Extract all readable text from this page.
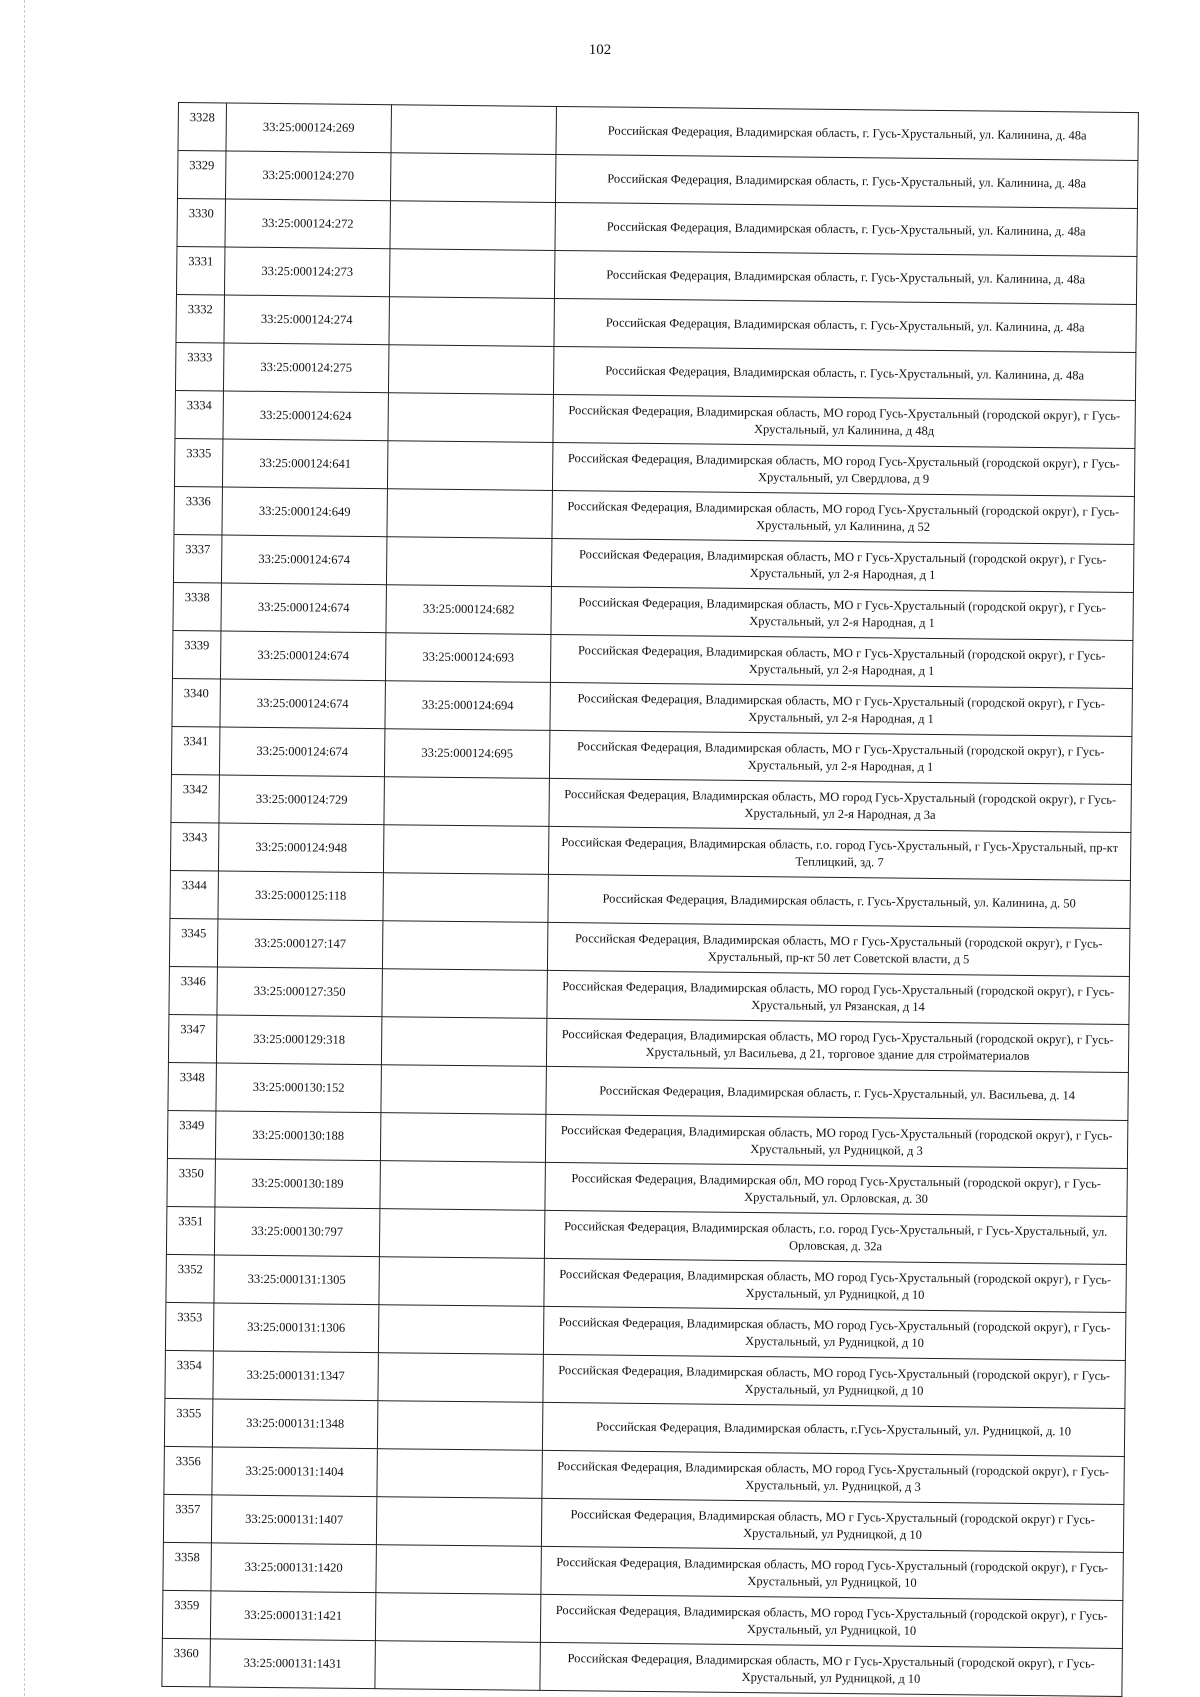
102
3328	33:25:000124:269		Российская Федерация, Владимирская область, г. Гусь-Хрустальный, ул. Калинина, д. 48а
3329	33:25:000124:270		Российская Федерация, Владимирская область, г. Гусь-Хрустальный, ул. Калинина, д. 48а
3330	33:25:000124:272		Российская Федерация, Владимирская область, г. Гусь-Хрустальный, ул. Калинина, д. 48а
3331	33:25:000124:273		Российская Федерация, Владимирская область, г. Гусь-Хрустальный, ул. Калинина, д. 48а
3332	33:25:000124:274		Российская Федерация, Владимирская область, г. Гусь-Хрустальный, ул. Калинина, д. 48а
3333	33:25:000124:275		Российская Федерация, Владимирская область, г. Гусь-Хрустальный, ул. Калинина, д. 48а
3334	33:25:000124:624		Российская Федерация, Владимирская область, МО город Гусь-Хрустальный (городской округ), г Гусь-Хрустальный, ул Калинина, д 48д
3335	33:25:000124:641		Российская Федерация, Владимирская область, МО город Гусь-Хрустальный (городской округ), г Гусь- Хрустальный, ул Свердлова, д 9
3336	33:25:000124:649		Российская Федерация, Владимирская область, МО город Гусь-Хрустальный (городской округ), г Гусь- Хрустальный, ул Калинина, д 52
3337	33:25:000124:674		Российская Федерация, Владимирская область, МО г Гусь-Хрустальный (городской округ), г Гусь-Хрустальный, ул 2-я Народная, д 1
3338	33:25:000124:674	33:25:000124:682	Российская Федерация, Владимирская область, МО г Гусь-Хрустальный (городской округ), г Гусь-Хрустальный, ул 2-я Народная, д 1
3339	33:25:000124:674	33:25:000124:693	Российская Федерация, Владимирская область, МО г Гусь-Хрустальный (городской округ), г Гусь-Хрустальный, ул 2-я Народная, д 1
3340	33:25:000124:674	33:25:000124:694	Российская Федерация, Владимирская область, МО г Гусь-Хрустальный (городской округ), г Гусь-Хрустальный, ул 2-я Народная, д 1
3341	33:25:000124:674	33:25:000124:695	Российская Федерация, Владимирская область, МО г Гусь-Хрустальный (городской округ), г Гусь-Хрустальный, ул 2-я Народная, д 1
3342	33:25:000124:729		Российская Федерация, Владимирская область, МО город Гусь-Хрустальный (городской округ), г Гусь- Хрустальный, ул 2-я Народная, д 3а
3343	33:25:000124:948		Российская Федерация, Владимирская область, г.о. город Гусь-Хрустальный, г Гусь-Хрустальный, пр-кт Теплицкий, зд. 7
3344	33:25:000125:118		Российская Федерация, Владимирская область, г. Гусь-Хрустальный, ул. Калинина, д. 50
3345	33:25:000127:147		Российская Федерация, Владимирская область, МО г Гусь-Хрустальный (городской округ), г Гусь-Хрустальный, пр-кт 50 лет Советской власти, д 5
3346	33:25:000127:350		Российская Федерация, Владимирская область, МО город Гусь-Хрустальный (городской округ), г Гусь-Хрустальный, ул Рязанская, д 14
3347	33:25:000129:318		Российская Федерация, Владимирская область, МО город Гусь-Хрустальный (городской округ), г Гусь-Хрустальный, ул Васильева, д 21, торговое здание для стройматериалов
3348	33:25:000130:152		Российская Федерация, Владимирская область, г. Гусь-Хрустальный, ул. Васильева, д. 14
3349	33:25:000130:188		Российская Федерация, Владимирская область, МО город Гусь-Хрустальный (городской округ), г Гусь-Хрустальный, ул Рудницкой, д 3
3350	33:25:000130:189		Российская Федерация, Владимирская обл, МО город Гусь-Хрустальный (городской округ), г Гусь-Хрустальный, ул. Орловская, д. 30
3351	33:25:000130:797		Российская Федерация, Владимирская область, г.о. город Гусь-Хрустальный, г Гусь-Хрустальный, ул. Орловская, д. 32а
3352	33:25:000131:1305		Российская Федерация, Владимирская область, МО город Гусь-Хрустальный (городской округ), г Гусь-Хрустальный, ул Рудницкой, д 10
3353	33:25:000131:1306		Российская Федерация, Владимирская область, МО город Гусь-Хрустальный (городской округ), г Гусь-Хрустальный, ул Рудницкой, д 10
3354	33:25:000131:1347		Российская Федерация, Владимирская область, МО город Гусь-Хрустальный (городской округ), г Гусь- Хрустальный, ул Рудницкой, д 10
3355	33:25:000131:1348		Российская Федерация, Владимирская область, г.Гусь-Хрустальный, ул. Рудницкой, д. 10
3356	33:25:000131:1404		Российская Федерация, Владимирская область, МО город Гусь-Хрустальный (городской округ), г Гусь-Хрустальный, ул. Рудницкой, д 3
3357	33:25:000131:1407		Российская Федерация, Владимирская область, МО г Гусь-Хрустальный (городской округ) г Гусь-Хрустальный, ул Рудницкой, д 10
3358	33:25:000131:1420		Российская Федерация, Владимирская область, МО город Гусь-Хрустальный (городской округ), г Гусь-Хрустальный, ул Рудницкой, 10
3359	33:25:000131:1421		Российская Федерация, Владимирская область, МО город Гусь-Хрустальный (городской округ), г Гусь-Хрустальный, ул Рудницкой, 10
3360	33:25:000131:1431		Российская Федерация, Владимирская область, МО г Гусь-Хрустальный (городской округ), г Гусь-Хрустальный, ул Рудницкой, д 10
